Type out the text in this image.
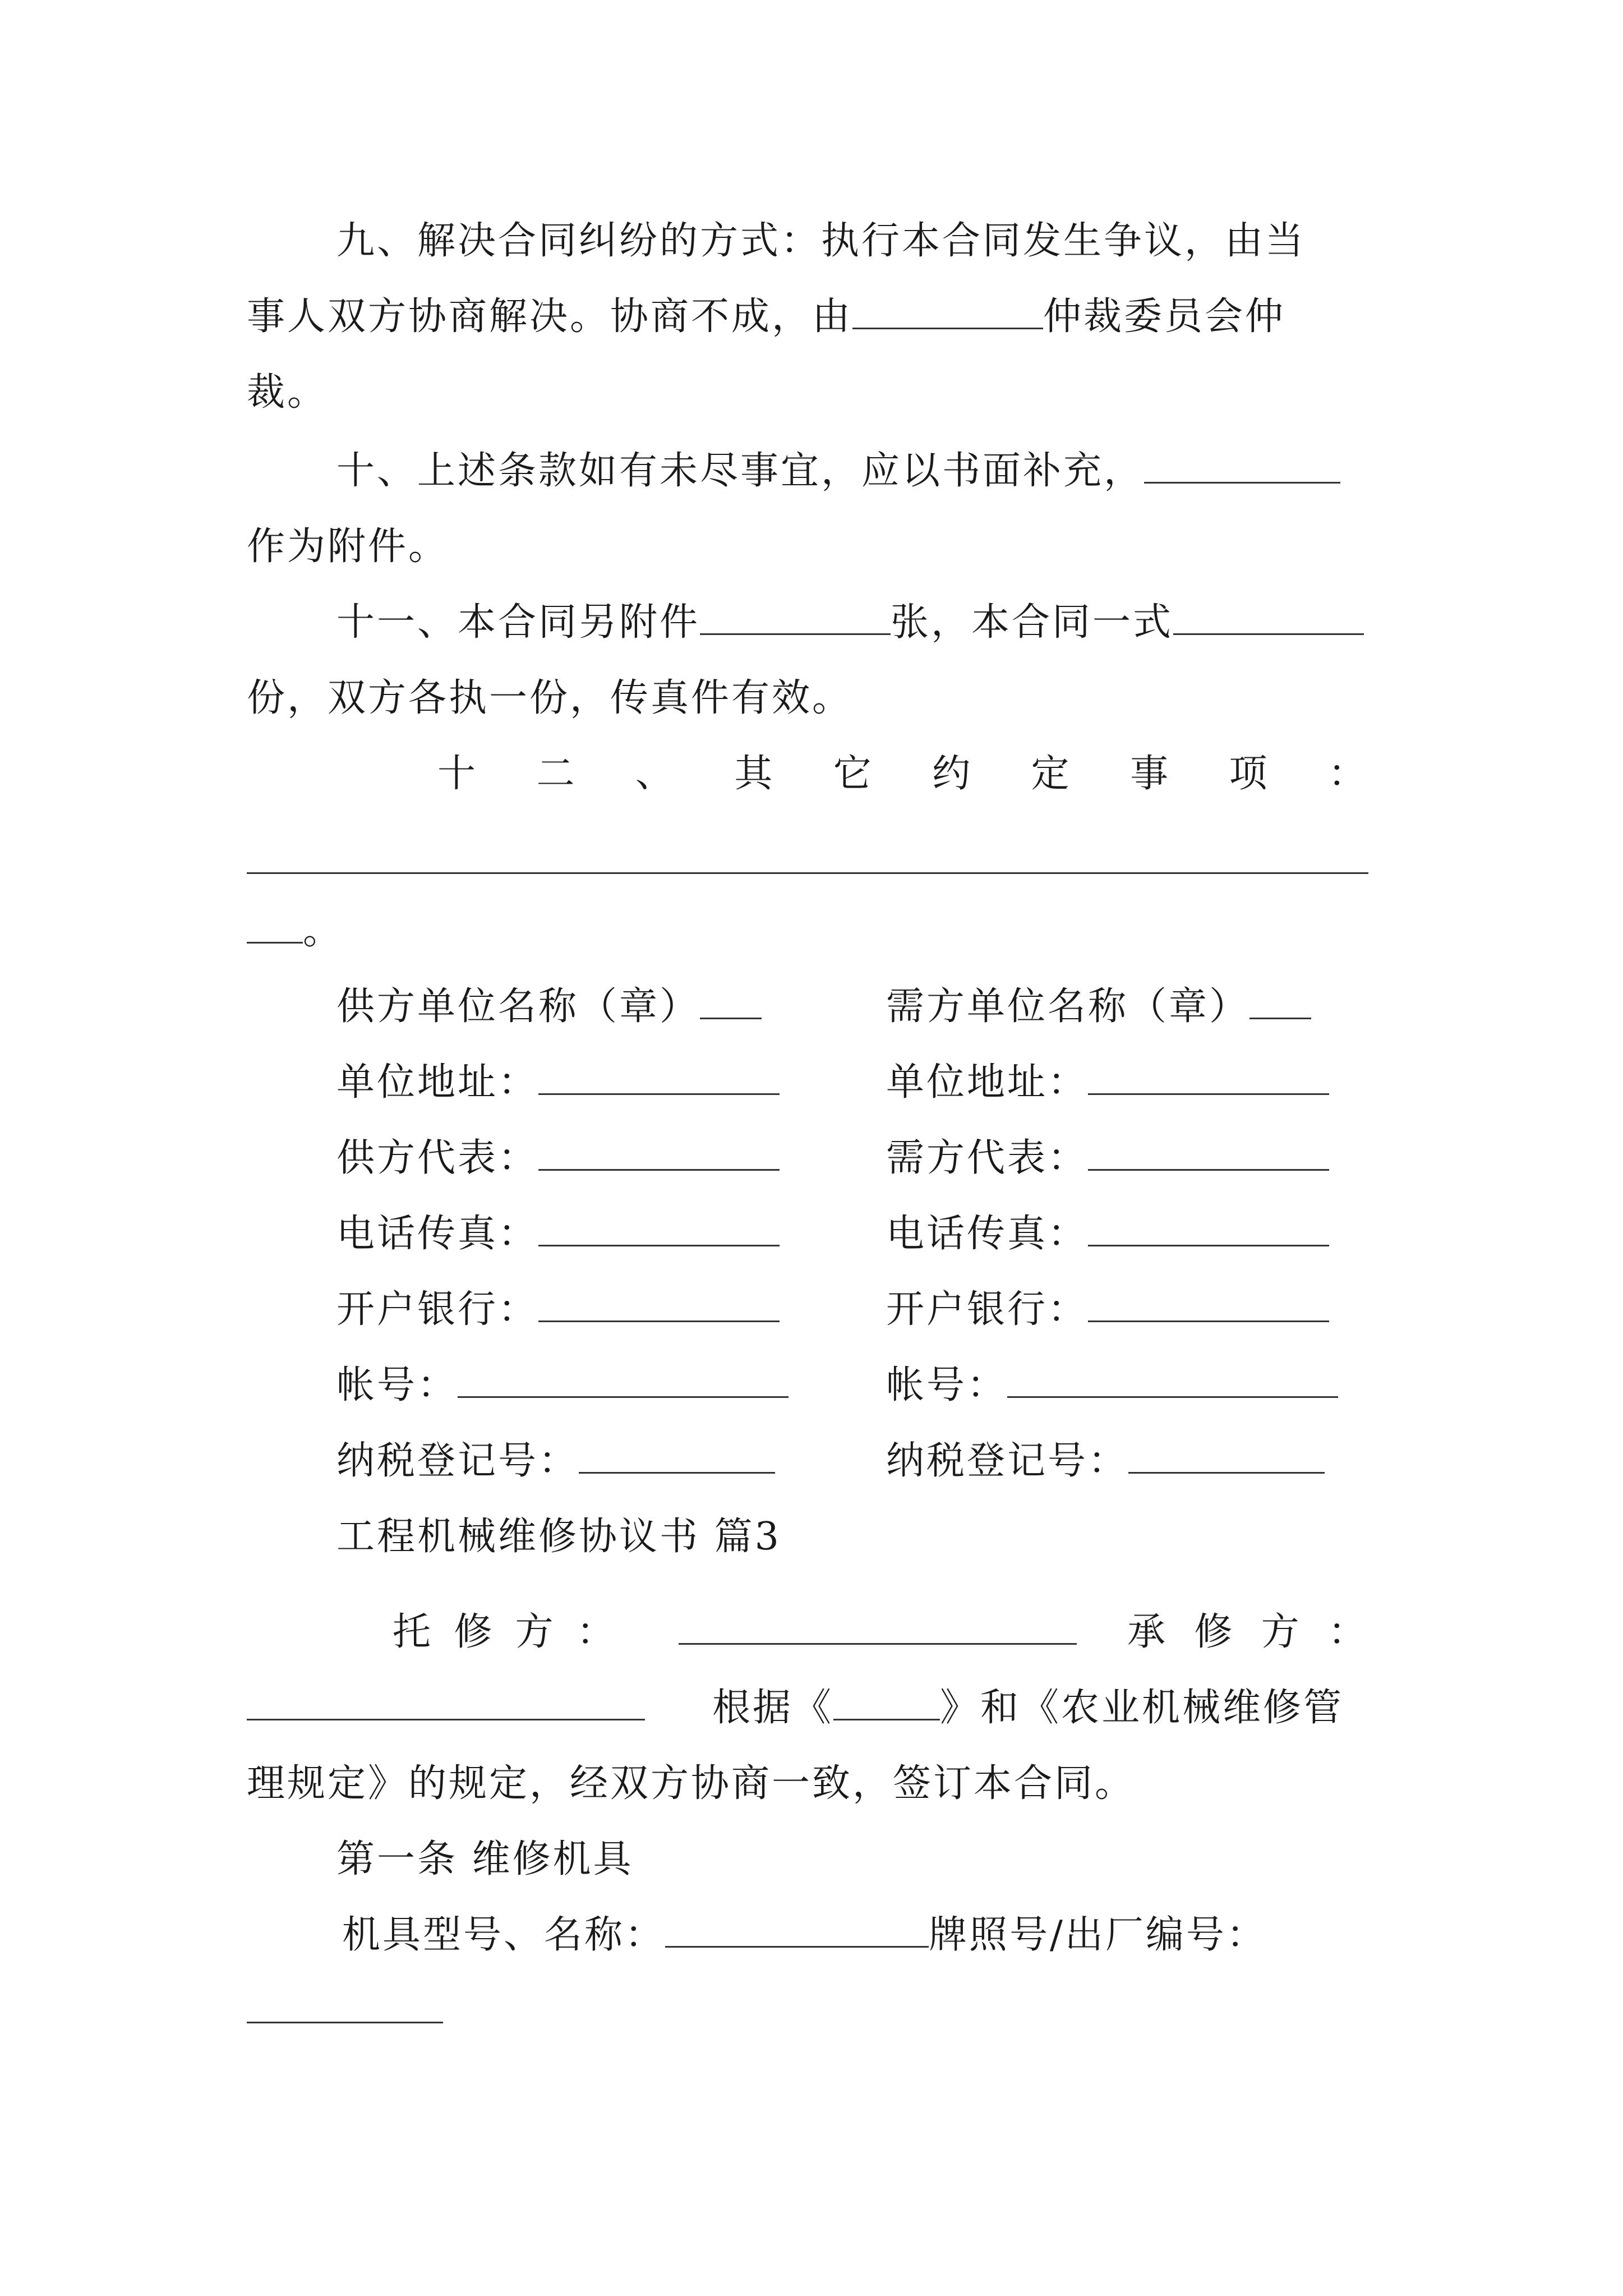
九、解决合同纠纷的方式：执行本合同发生争议，由当
事人双方协商解决。协商不成，由	仲裁委员会仲
裁。
十、上述条款如有未尽事宜，应以书面补充，
作为附件。
十一、本合同另附件	张，本合同一式
份，双方各执一份，传真件有效。
十 二 、 其 它 约 定 事 项 ：
。
供方单位名称（章）	需方单位名称（章）
单位地址：	单位地址：
供方代表：	需方代表：
电话传真：	电话传真：
开户银行：	开户银行：
帐号：	帐号：
纳税登记号：	纳税登记号：
工程机械维修协议书 篇3
托 修 方 ：	承 修 方 ：
根据《	》和《农业机械维修管
理规定》的规定，经双方协商一致，签订本合同。
第一条 维修机具
机具型号、名称：	牌照号/出厂编号：
